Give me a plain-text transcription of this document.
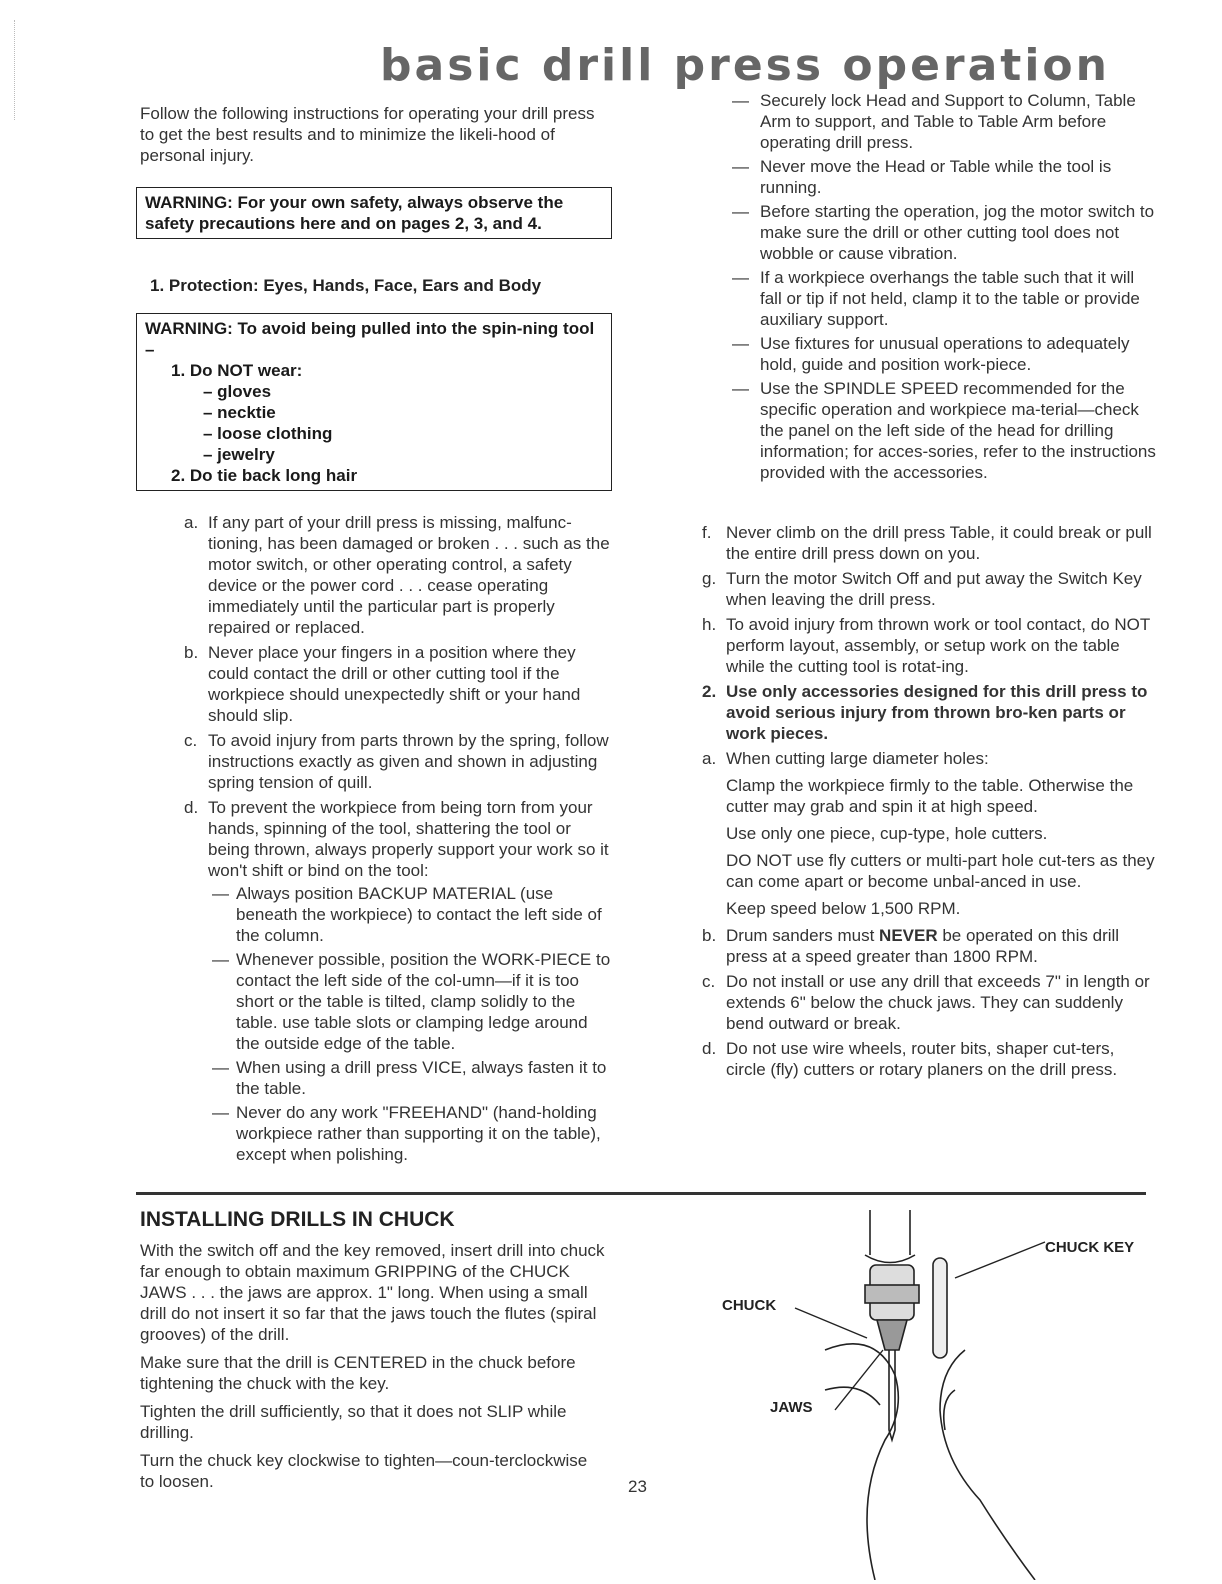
basic drill press operation
Follow the following instructions for operating your drill press to get the best results and to minimize the likeli-hood of personal injury.
WARNING: For your own safety, always observe the safety precautions here and on pages 2, 3, and 4.
1. Protection: Eyes, Hands, Face, Ears and Body
WARNING: To avoid being pulled into the spin-ning tool –
1. Do NOT wear:
– gloves
– necktie
– loose clothing
– jewelry
2. Do tie back long hair
a. If any part of your drill press is missing, malfunc-tioning, has been damaged or broken . . . such as the motor switch, or other operating control, a safety device or the power cord . . . cease operating immediately until the particular part is properly repaired or replaced.
b. Never place your fingers in a position where they could contact the drill or other cutting tool if the workpiece should unexpectedly shift or your hand should slip.
c. To avoid injury from parts thrown by the spring, follow instructions exactly as given and shown in adjusting spring tension of quill.
d. To prevent the workpiece from being torn from your hands, spinning of the tool, shattering the tool or being thrown, always properly support your work so it won't shift or bind on the tool:
— Always position BACKUP MATERIAL (use beneath the workpiece) to contact the left side of the column.
— Whenever possible, position the WORK-PIECE to contact the left side of the col-umn—if it is too short or the table is tilted, clamp solidly to the table. use table slots or clamping ledge around the outside edge of the table.
— When using a drill press VICE, always fasten it to the table.
— Never do any work "FREEHAND" (hand-holding workpiece rather than supporting it on the table), except when polishing.
— Securely lock Head and Support to Column, Table Arm to support, and Table to Table Arm before operating drill press.
— Never move the Head or Table while the tool is running.
— Before starting the operation, jog the motor switch to make sure the drill or other cutting tool does not wobble or cause vibration.
— If a workpiece overhangs the table such that it will fall or tip if not held, clamp it to the table or provide auxiliary support.
— Use fixtures for unusual operations to adequately hold, guide and position work-piece.
— Use the SPINDLE SPEED recommended for the specific operation and workpiece ma-terial—check the panel on the left side of the head for drilling information; for acces-sories, refer to the instructions provided with the accessories.
f. Never climb on the drill press Table, it could break or pull the entire drill press down on you.
g. Turn the motor Switch Off and put away the Switch Key when leaving the drill press.
h. To avoid injury from thrown work or tool contact, do NOT perform layout, assembly, or setup work on the table while the cutting tool is rotat-ing.
2. Use only accessories designed for this drill press to avoid serious injury from thrown bro-ken parts or work pieces.
a. When cutting large diameter holes:
Clamp the workpiece firmly to the table. Otherwise the cutter may grab and spin it at high speed.
Use only one piece, cup-type, hole cutters.
DO NOT use fly cutters or multi-part hole cut-ters as they can come apart or become unbal-anced in use.
Keep speed below 1,500 RPM.
b. Drum sanders must NEVER be operated on this drill press at a speed greater than 1800 RPM.
c. Do not install or use any drill that exceeds 7" in length or extends 6" below the chuck jaws. They can suddenly bend outward or break.
d. Do not use wire wheels, router bits, shaper cut-ters, circle (fly) cutters or rotary planers on the drill press.
INSTALLING DRILLS IN CHUCK

With the switch off and the key removed, insert drill into chuck far enough to obtain maximum GRIPPING of the CHUCK JAWS . . . the jaws are approx. 1" long. When using a small drill do not insert it so far that the jaws touch the flutes (spiral grooves) of the drill.

Make sure that the drill is CENTERED in the chuck before tightening the chuck with the key.

Tighten the drill sufficiently, so that it does not SLIP while drilling.

Turn the chuck key clockwise to tighten—coun-terclockwise to loosen.	23
CHUCK KEY
CHUCK
JAWS
